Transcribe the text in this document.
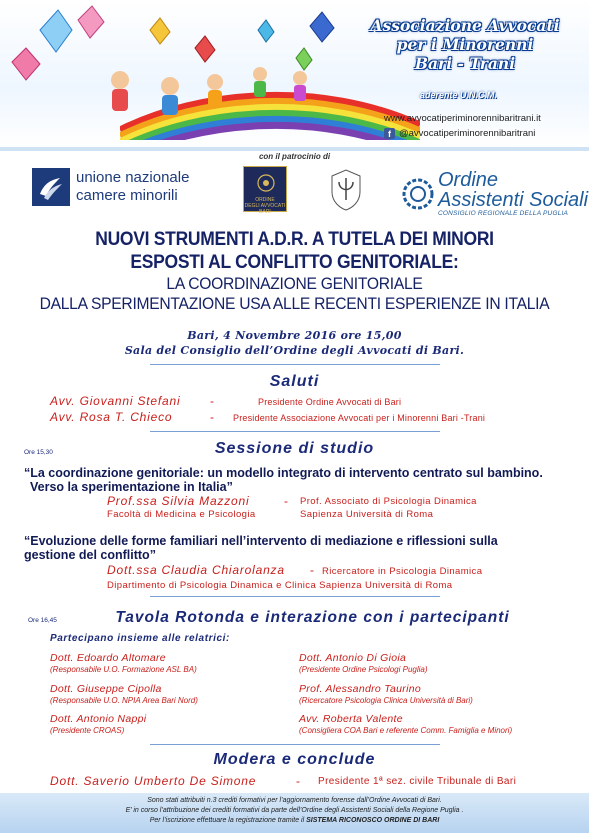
Associazione Avvocati
per i Minorenni
Bari - Trani
aderente U.N.C.M.
www.avvocatiperiminorennibaritrani.it
f @avvocatiperiminorennibaritrani
con il patrocinio di
unione nazionale
camere minorili	ORDINE
DEGLI AVVOCATI
BARI
Ordine
Assistenti Sociali
CONSIGLIO REGIONALE DELLA PUGLIA
NUOVI STRUMENTI A.D.R. A TUTELA DEI MINORI
ESPOSTI AL CONFLITTO GENITORIALE:
LA COORDINAZIONE GENITORIALE
DALLA SPERIMENTAZIONE USA ALLE RECENTI ESPERIENZE IN ITALIA
Bari, 4 Novembre 2016 ore 15,00
Sala del Consiglio dell’Ordine degli Avvocati di Bari.
Saluti
Avv. Giovanni Stefani -	Presidente Ordine Avvocati di Bari
Avv. Rosa T. Chieco	- Presidente Associazione Avvocati per i Minorenni Bari -Trani
Ore 15,30	Sessione di studio
“La coordinazione genitoriale: un modello integrato di intervento centrato sul bambino.
Verso la sperimentazione in Italia”
Prof.ssa Silvia Mazzoni	- Prof. Associato di Psicologia Dinamica
Facoltà di Medicina e Psicologia	Sapienza Università di Roma
“Evoluzione delle forme familiari nell’intervento di mediazione e riflessioni sulla
gestione del conflitto”
Dott.ssa Claudia Chiarolanza - Ricercatore in Psicologia Dinamica
Dipartimento di Psicologia Dinamica e Clinica Sapienza Università di Roma
Ore 16,45	Tavola Rotonda e interazione con i partecipanti
Partecipano insieme alle relatrici:
Dott. Edoardo Altomare
(Responsabile U.O. Formazione ASL BA)
Dott. Antonio Di Gioia
(Presidente Ordine Psicologi Puglia)
Dott. Giuseppe Cipolla
(Responsabile U.O. NPIA Area Bari Nord)
Prof. Alessandro Taurino
(Ricercatore Psicologia Clinica Università di Bari)
Dott. Antonio Nappi
(Presidente CROAS)
Avv. Roberta Valente
(Consigliera COA Bari e referente Comm. Famiglia e Minori)
Modera e conclude
Dott. Saverio Umberto De Simone	- Presidente 1ª sez. civile Tribunale di Bari
Sono stati attribuiti n.3 crediti formativi per l’aggiornamento forense dall’Ordine Avvocati di Bari.
E’ in corso l’attribuzione dei crediti formativi da parte dell’Ordine degli Assistenti Sociali della Regione Puglia .
Per l’iscrizione effettuare la registrazione tramite il SISTEMA RICONOSCO ORDINE DI BARI
